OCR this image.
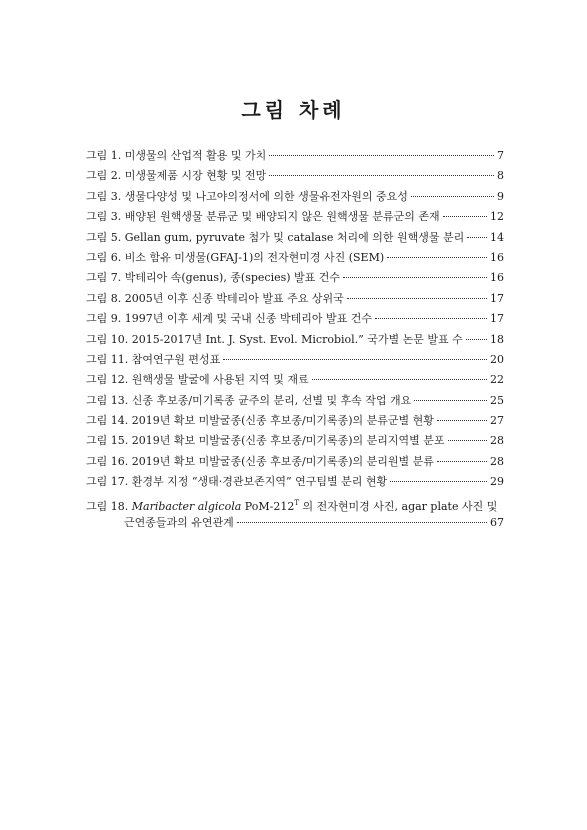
그림 차례
그림 1. 미생물의 산업적 활용 및 가치	7
그림 2. 미생물제품 시장 현황 및 전망	8
그림 3. 생물다양성 및 나고야의정서에 의한 생물유전자원의 중요성	9
그림 3. 배양된 원핵생물 분류군 및 배양되지 않은 원핵생물 분류군의 존재	12
그림 5. Gellan gum, pyruvate 첨가 및 catalase 처리에 의한 원핵생물 분리 14
그림 6. 비소 함유 미생물(GFAJ-1)의 전자현미경 사진 (SEM)	16
그림 7. 박테리아 속(genus), 종(species) 발표 건수	16
그림 8. 2005년 이후 신종 박테리아 발표 주요 상위국	17
그림 9. 1997년 이후 세계 및 국내 신종 박테리아 발표 건수	17
그림 10. 2015-2017년 Int. J. Syst. Evol. Microbiol.” 국가별 논문 발표 수 18
그림 11. 참여연구원 편성표	20
그림 12. 원핵생물 발굴에 사용된 지역 및 재료	22
그림 13. 신종 후보종/미기록종 균주의 분리, 선별 및 후속 작업 개요	25
그림 14. 2019년 확보 미발굴종(신종 후보종/미기록종)의 분류군별 현황	27
그림 15. 2019년 확보 미발굴종(신종 후보종/미기록종)의 분리지역별 분포	28
그림 16. 2019년 확보 미발굴종(신종 후보종/미기록종)의 분리원별 분류	28
그림 17. 환경부 지정 “생태·경관보존지역” 연구팀별 분리 현황	29
그림 18. Maribacter algicola PoM-$212^T$ 의 전자현미경 사진, agar plate 사진 및
근연종들과의 유연관계	67
